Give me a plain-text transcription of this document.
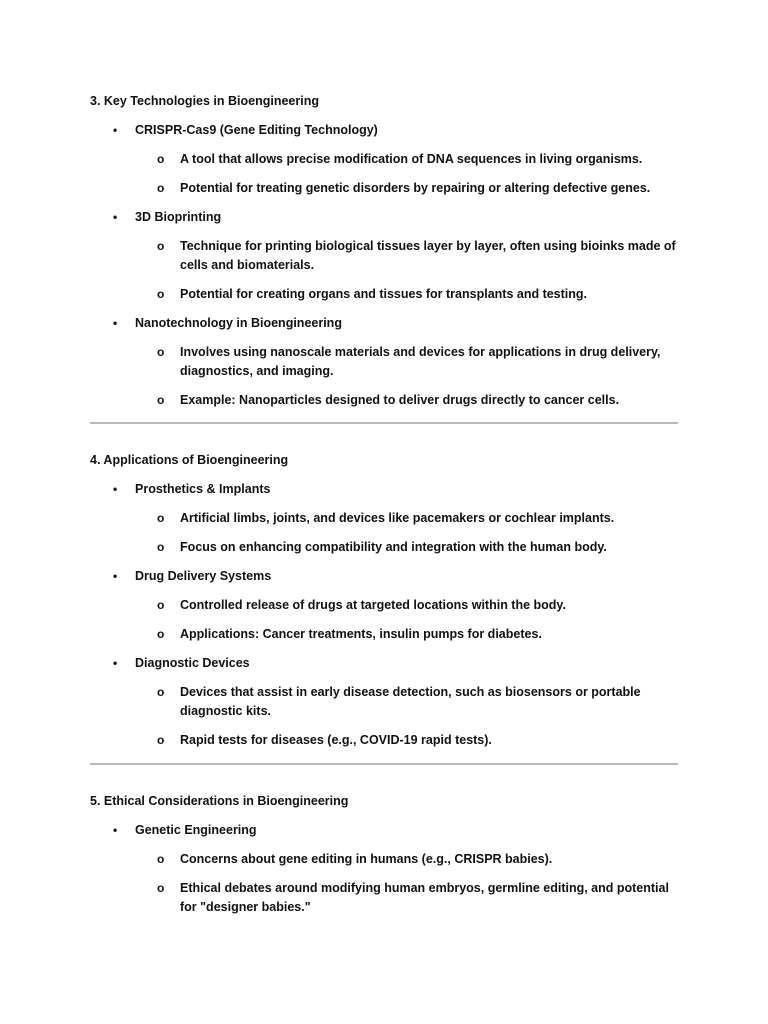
3. Key Technologies in Bioengineering

• CRISPR-Cas9 (Gene Editing Technology)
o A tool that allows precise modification of DNA sequences in living organisms.
o Potential for treating genetic disorders by repairing or altering defective genes.
• 3D Bioprinting
o Technique for printing biological tissues layer by layer, often using bioinks made of cells and biomaterials.
o Potential for creating organs and tissues for transplants and testing.
• Nanotechnology in Bioengineering
o Involves using nanoscale materials and devices for applications in drug delivery, diagnostics, and imaging.
o Example: Nanoparticles designed to deliver drugs directly to cancer cells.

4. Applications of Bioengineering

• Prosthetics & Implants
o Artificial limbs, joints, and devices like pacemakers or cochlear implants.
o Focus on enhancing compatibility and integration with the human body.
• Drug Delivery Systems
o Controlled release of drugs at targeted locations within the body.
o Applications: Cancer treatments, insulin pumps for diabetes.
• Diagnostic Devices
o Devices that assist in early disease detection, such as biosensors or portable diagnostic kits.
o Rapid tests for diseases (e.g., COVID-19 rapid tests).

5. Ethical Considerations in Bioengineering

• Genetic Engineering
o Concerns about gene editing in humans (e.g., CRISPR babies).
o Ethical debates around modifying human embryos, germline editing, and potential for "designer babies."
